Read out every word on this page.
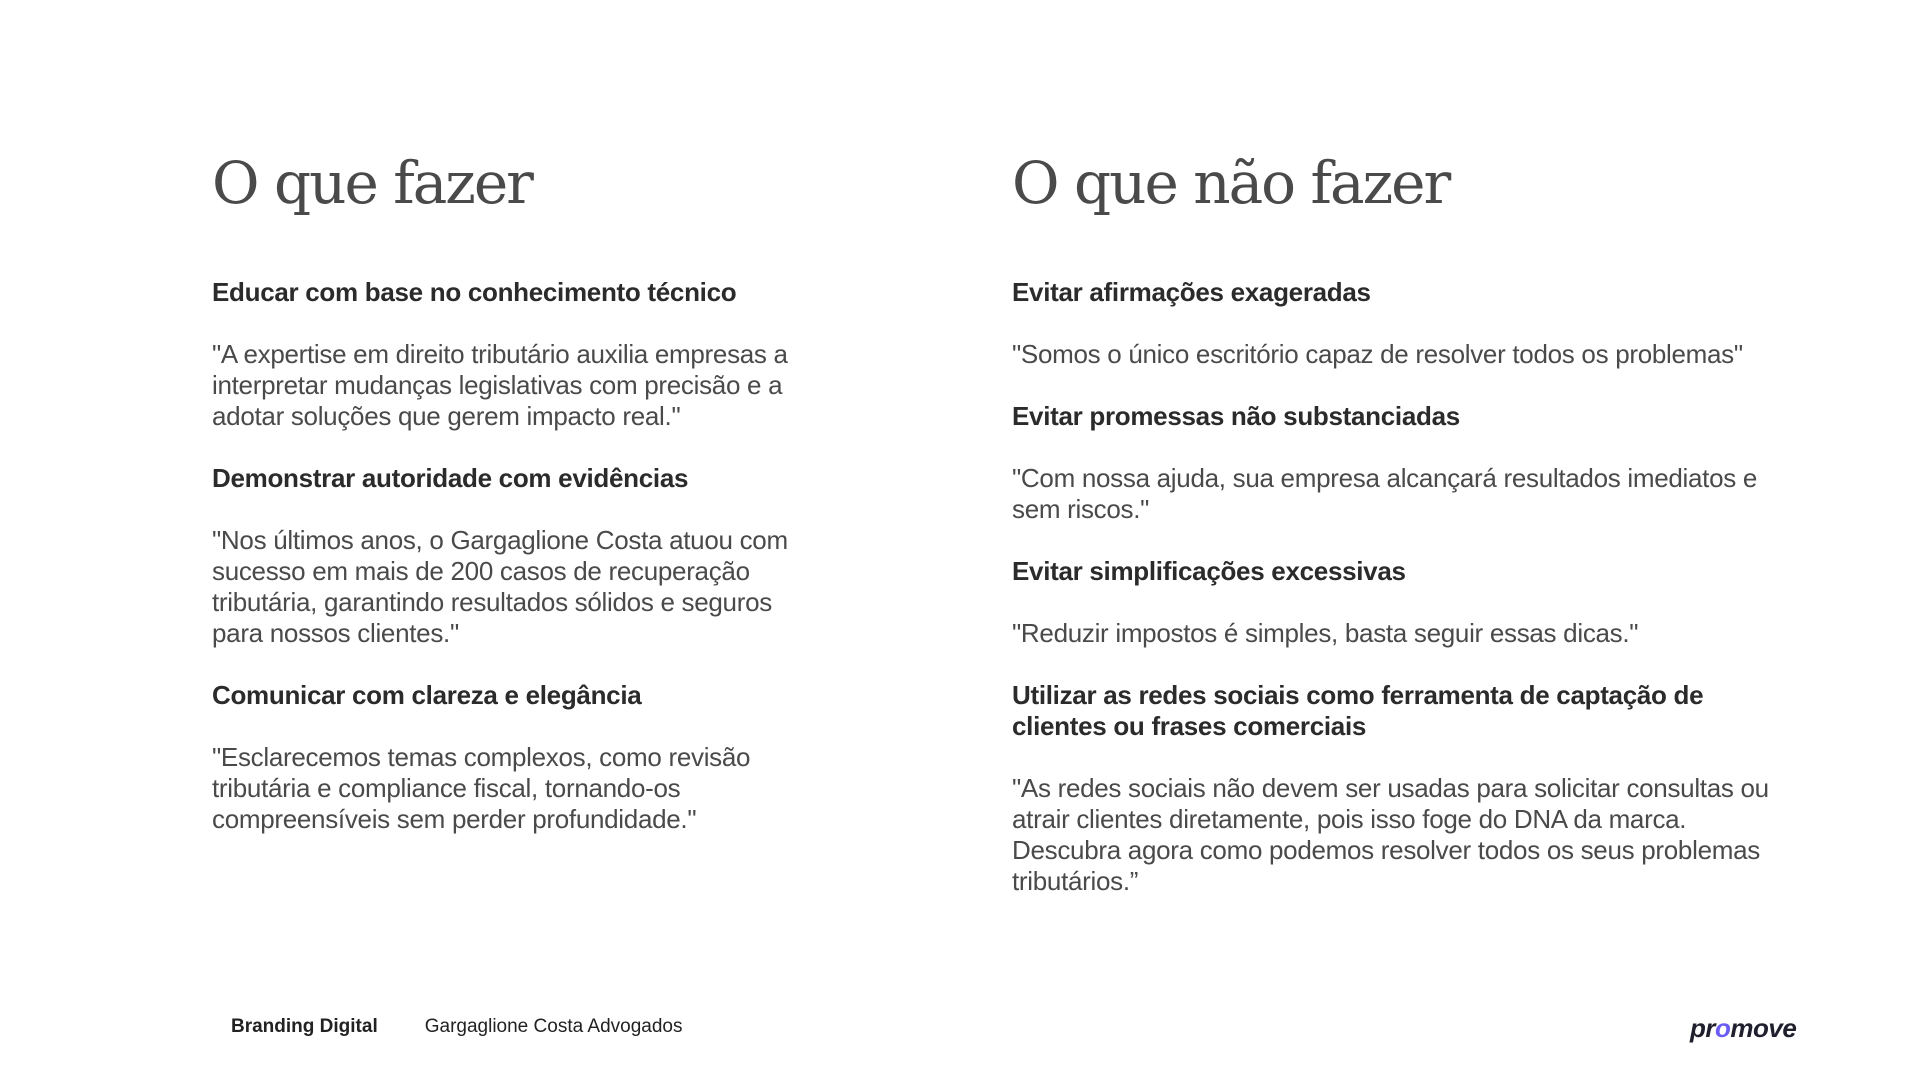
O que fazer
Educar com base no conhecimento técnico
"A expertise em direito tributário auxilia empresas a interpretar mudanças legislativas com precisão e a adotar soluções que gerem impacto real."
Demonstrar autoridade com evidências
"Nos últimos anos, o Gargaglione Costa atuou com sucesso em mais de 200 casos de recuperação tributária, garantindo resultados sólidos e seguros para nossos clientes."
Comunicar com clareza e elegância
"Esclarecemos temas complexos, como revisão tributária e compliance fiscal, tornando-os compreensíveis sem perder profundidade."
O que não fazer
Evitar afirmações exageradas
"Somos o único escritório capaz de resolver todos os problemas"
Evitar promessas não substanciadas
"Com nossa ajuda, sua empresa alcançará resultados imediatos e sem riscos."
Evitar simplificações excessivas
"Reduzir impostos é simples, basta seguir essas dicas."
Utilizar as redes sociais como ferramenta de captação de clientes ou frases comerciais
"As redes sociais não devem ser usadas para solicitar consultas ou atrair clientes diretamente, pois isso foge do DNA da marca. Descubra agora como podemos resolver todos os seus problemas tributários.”
Branding Digital Gargaglione Costa Advogados	promove
